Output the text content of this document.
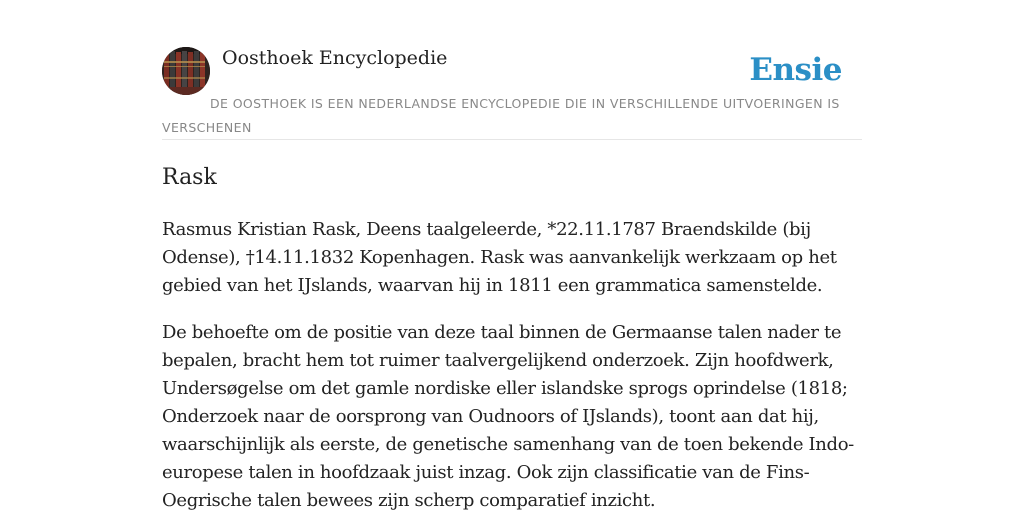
Oosthoek Encyclopedie	Ensie
DE OOSTHOEK IS EEN NEDERLANDSE ENCYCLOPEDIE DIE IN VERSCHILLENDE UITVOERINGEN IS VERSCHENEN
Rask

Rasmus Kristian Rask, Deens taalgeleerde, *22.11.1787 Braendskilde (bij Odense), †14.11.1832 Kopenhagen. Rask was aanvankelijk werkzaam op het gebied van het IJslands, waarvan hij in 1811 een grammatica samenstelde.

De behoefte om de positie van deze taal binnen de Germaanse talen nader te bepalen, bracht hem tot ruimer taalvergelijkend onderzoek. Zijn hoofdwerk, Undersøgelse om det gamle nordiske eller islandske sprogs oprindelse (1818; Onderzoek naar de oorsprong van Oudnoors of IJslands), toont aan dat hij, waarschijnlijk als eerste, de genetische samenhang van de toen bekende Indo-europese talen in hoofdzaak juist inzag. Ook zijn classificatie van de Fins-Oegrische talen bewees zijn scherp comparatief inzicht.
